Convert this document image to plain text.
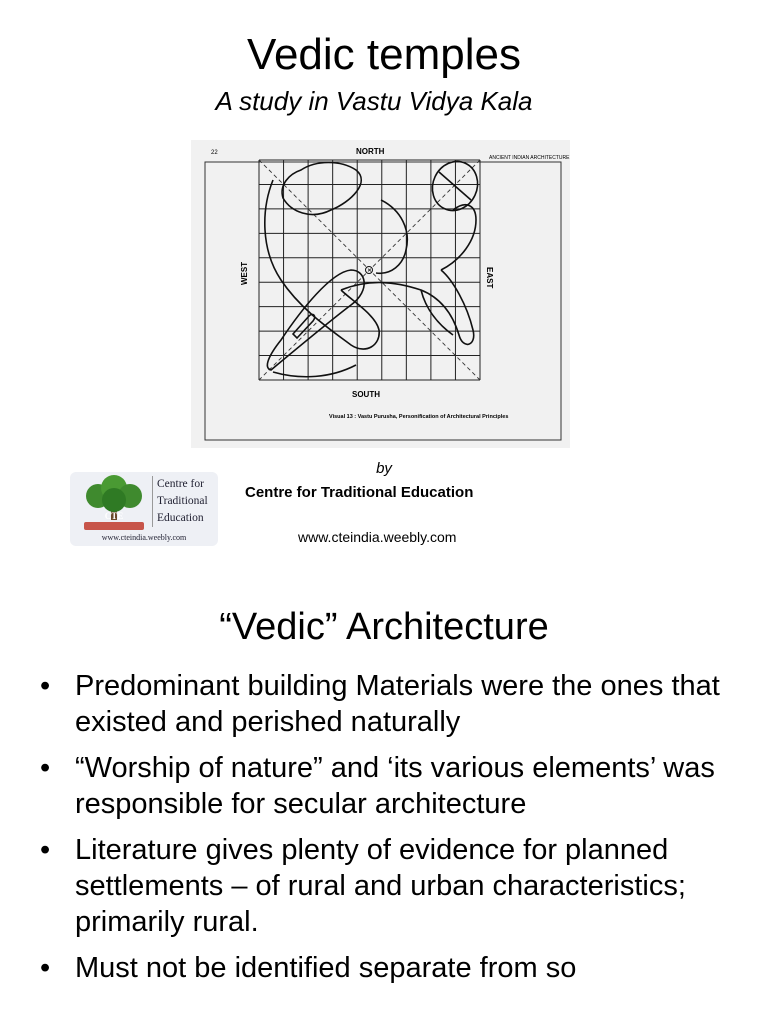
Vedic temples
A study in Vastu Vidya Kala
22
ANCIENT INDIAN ARCHITECTURE
NORTH
SOUTH
WEST	EAST
Visual 13 : Vastu Purusha, Personification of Architectural Principles
by
Centre for Traditional Education
www.cteindia.weebly.com
CTE
Centre for
Traditional
Education
www.cteindia.weebly.com
“Vedic” Architecture
• Predominant building Materials were the ones that existed and perished naturally
• “Worship of nature” and ‘its various elements’ was responsible for secular architecture
• Literature gives plenty of evidence for planned settlements – of rural and urban characteristics; primarily rural.
• Must not be identified separate from so
